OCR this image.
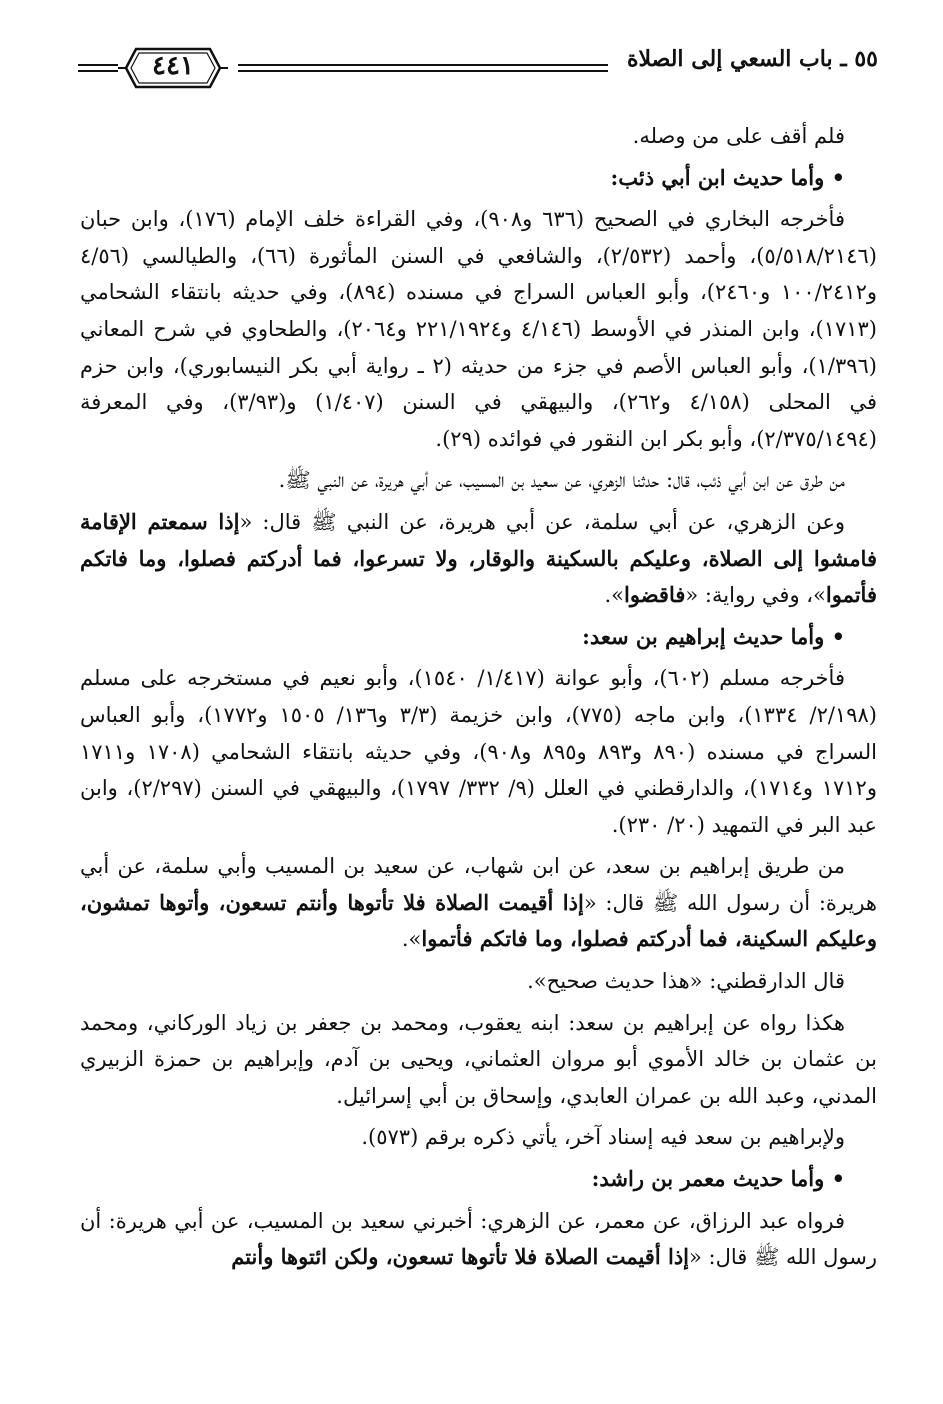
٥٥ ـ باب السعي إلى الصلاة
٤٤١

فلم أقف على من وصله.

• وأما حديث ابن أبي ذئب:

فأخرجه البخاري في الصحيح (٦٣٦ و٩٠٨)، وفي القراءة خلف الإمام (١٧٦)، وابن حبان (٥/٥١٨/٢١٤٦)، وأحمد (٢/٥٣٢)، والشافعي في السنن المأثورة (٦٦)، والطيالسي (٤/٥٦ و١٠٠/٢٤١٢ و٢٤٦٠)، وأبو العباس السراج في مسنده (٨٩٤)، وفي حديثه بانتقاء الشحامي (١٧١٣)، وابن المنذر في الأوسط (٤/١٤٦ و٢٢١/١٩٢٤ و٢٠٦٤)، والطحاوي في شرح المعاني (١/٣٩٦)، وأبو العباس الأصم في جزء من حديثه (٢ ـ رواية أبي بكر النيسابوري)، وابن حزم في المحلى (٤/١٥٨ و٢٦٢)، والبيهقي في السنن (١/٤٠٧) و(٣/٩٣)، وفي المعرفة (٢/٣٧٥/١٤٩٤)، وأبو بكر ابن النقور في فوائده (٢٩).

من طرق عن ابن أبي ذئب، قال: حدثنا الزهري، عن سعيد بن المسيب، عن أبي هريرة، عن النبي ﷺ.

وعن الزهري، عن أبي سلمة، عن أبي هريرة، عن النبي ﷺ قال: «إذا سمعتم الإقامة فامشوا إلى الصلاة، وعليكم بالسكينة والوقار، ولا تسرعوا، فما أدركتم فصلوا، وما فاتكم فأتموا»، وفي رواية: «فاقضوا».

• وأما حديث إبراهيم بن سعد:

فأخرجه مسلم (٦٠٢)، وأبو عوانة (١/٤١٧/ ١٥٤٠)، وأبو نعيم في مستخرجه على مسلم (٢/١٩٨/ ١٣٣٤)، وابن ماجه (٧٧٥)، وابن خزيمة (٣/٣ و١٣٦/ ١٥٠٥ و١٧٧٢)، وأبو العباس السراج في مسنده (٨٩٠ و٨٩٣ و٨٩٥ و٩٠٨)، وفي حديثه بانتقاء الشحامي (١٧٠٨ و١٧١١ و١٧١٢ و١٧١٤)، والدارقطني في العلل (٩/ ٣٣٢/ ١٧٩٧)، والبيهقي في السنن (٢/٢٩٧)، وابن عبد البر في التمهيد (٢٠/ ٢٣٠).

من طريق إبراهيم بن سعد، عن ابن شهاب، عن سعيد بن المسيب وأبي سلمة، عن أبي هريرة: أن رسول الله ﷺ قال: «إذا أقيمت الصلاة فلا تأتوها وأنتم تسعون، وأتوها تمشون، وعليكم السكينة، فما أدركتم فصلوا، وما فاتكم فأتموا».

قال الدارقطني: «هذا حديث صحيح».

هكذا رواه عن إبراهيم بن سعد: ابنه يعقوب، ومحمد بن جعفر بن زياد الوركاني، ومحمد بن عثمان بن خالد الأموي أبو مروان العثماني، ويحيى بن آدم، وإبراهيم بن حمزة الزبيري المدني، وعبد الله بن عمران العابدي، وإسحاق بن أبي إسرائيل.

ولإبراهيم بن سعد فيه إسناد آخر، يأتي ذكره برقم (٥٧٣).

• وأما حديث معمر بن راشد:

فرواه عبد الرزاق، عن معمر، عن الزهري: أخبرني سعيد بن المسيب، عن أبي هريرة: أن رسول الله ﷺ قال: «إذا أقيمت الصلاة فلا تأتوها تسعون، ولكن ائتوها وأنتم
